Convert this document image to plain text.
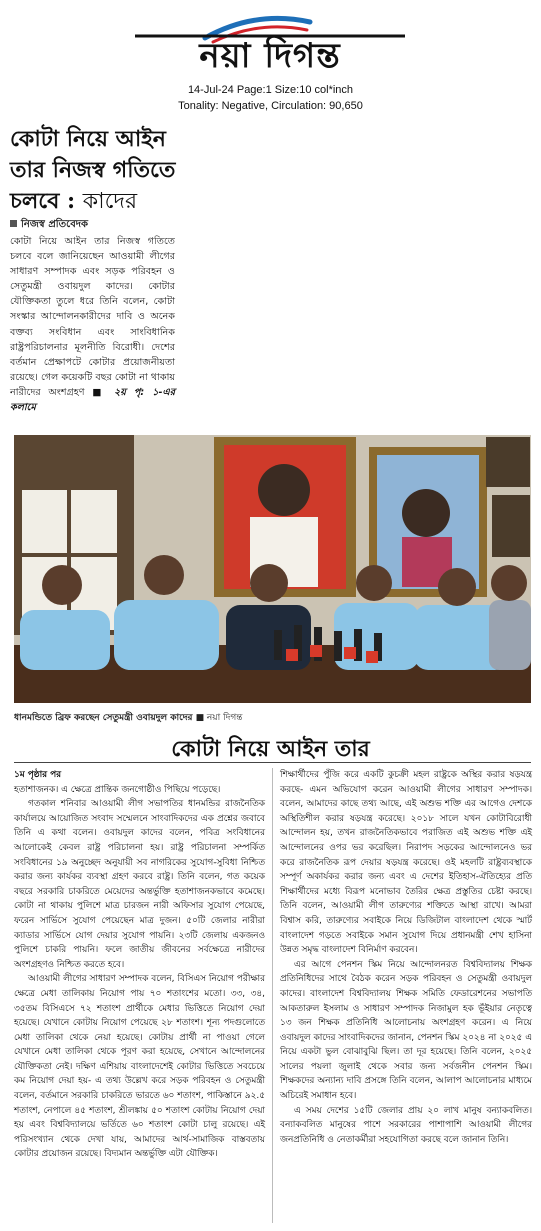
নয়া দিগন্ত
14-Jul-24 Page:1 Size:10 col*inch
Tonality: Negative, Circulation: 90,650
কোটা নিয়ে আইন
তার নিজস্ব গতিতে
চলবে : কাদের
নিজস্ব প্রতিবেদক
কোটা নিয়ে আইন তার নিজস্ব গতিতে চলবে বলে জানিয়েছেন আওয়ামী লীগের সাধারণ সম্পাদক এবং সড়ক পরিবহন ও সেতুমন্ত্রী ওবায়দুল কাদের। কোটার যৌক্তিকতা তুলে ধরে তিনি বলেন, কোটা সংস্কার আন্দোলনকারীদের দাবি ও অনেক বক্তব্য সংবিধান এবং সাংবিধানিক রাষ্ট্রপরিচালনার মূলনীতি বিরোধী। দেশের বর্তমান প্রেক্ষাপটে কোটার প্রয়োজনীয়তা রয়েছে। গেল কয়েকটি বছর কোটা না থাকায় নারীদের অংশগ্রহণ ■ ২য় পৃ: ১-এর কলামে
ধানমন্ডিতে ব্রিফ করছেন সেতুমন্ত্রী ওবায়দুল কাদের ■ নয়া দিগন্ত
কোটা নিয়ে আইন তার

১ম পৃষ্ঠার পর
হতাশাজনক। এ ক্ষেত্রে প্রান্তিক জনগোষ্ঠীও পিছিয়ে পড়েছে।

গতকাল শনিবার আওয়ামী লীগ সভাপতির ধানমন্ডির রাজনৈতিক কার্যালয়ে আয়োজিত সংবাদ সম্মেলনে সাংবাদিকদের এক প্রশ্নের জবাবে তিনি এ কথা বলেন। ওবায়দুল কাদের বলেন, পবিত্র সংবিধানের আলোকেই কেবল রাষ্ট্র পরিচালনা হয়। রাষ্ট্র পরিচালনা সম্পর্কিত সংবিধানের ১৯ অনুচ্ছেদ অনুযায়ী সব নাগরিকের সুযোগ-সুবিধা নিশ্চিত করার জন্য কার্যকর ব্যবস্থা গ্রহণ করবে রাষ্ট্র। তিনি বলেন, গত কয়েক বছরে সরকারি চাকরিতে মেয়েদের অন্তর্ভুক্তি হতাশাজনকভাবে কমেছে। কোটা না থাকায় পুলিশে মাত্র চারজন নারী অফিসার সুযোগ পেয়েছে, ফরেন সার্ভিসে সুযোগ পেয়েছেন মাত্র দুজন। ৫০টি জেলার নারীরা ক্যাডার সার্ভিসে যোগ দেয়ার সুযোগ পায়নি। ২৩টি জেলায় একজনও পুলিশে চাকরি পায়নি। ফলে জাতীয় জীবনের সর্বক্ষেত্রে নারীদের অংশগ্রহণও নিশ্চিত করতে হবে।

আওয়ামী লীগের সাধারণ সম্পাদক বলেন, বিসিএস নিয়োগ পরীক্ষার ক্ষেত্রে মেধা তালিকায় নিয়োগ পায় ৭০ শতাংশের মতো। ৩৩, ৩৪, ৩৫তম বিসিএসে ৭২ শতাংশ প্রার্থীকে মেধার ভিত্তিতে নিয়োগ দেয়া হয়েছে। যেখানে কোটায় নিয়োগ পেয়েছে ২৮ শতাংশ। শূন্য পদগুলোতে মেধা তালিকা থেকে নেয়া হয়েছে। কোটায় প্রার্থী না পাওয়া গেলে যেখানে মেধা তালিকা থেকে পূরণ করা হয়েছে, সেখানে আন্দোলনের যৌক্তিকতা নেই। দক্ষিণ এশিয়ায় বাংলাদেশেই কোটার ভিত্তিতে সবচেয়ে কম নিয়োগ দেয়া হয়- এ তথ্য উল্লেখ করে সড়ক পরিবহন ও সেতুমন্ত্রী বলেন, বর্তমানে সরকারি চাকরিতে ভারতে ৬০ শতাংশ, পাকিস্তানে ৯২.৫ শতাংশ, নেপালে ৪৫ শতাংশ, শ্রীলঙ্কায় ৫০ শতাংশ কোটায় নিয়োগ দেয়া হয় এবং বিশ্ববিদ্যালয়ে ভর্তিতে ৬০ শতাংশ কোটা চালু রয়েছে। এই পরিসংখ্যান থেকে দেখা যায়, আমাদের আর্থ-সামাজিক বাস্তবতায় কোটার প্রয়োজন রয়েছে। বিদ্যমান অন্তর্ভুক্তি এটা যৌক্তিক।

শিক্ষার্থীদের পুঁজি করে একটি কুচক্রী মহল রাষ্ট্রকে অস্থির করার ষড়যন্ত্র করছে- এমন অভিযোগ করেন আওয়ামী লীগের সাধারণ সম্পাদক। বলেন, আমাদের কাছে তথ্য আছে, এই অশুভ শক্তি এর আগেও দেশকে অস্থিতিশীল করার ষড়যন্ত্র করেছে। ২০১৮ সালে যখন কোটাবিরোধী আন্দোলন হয়, তখন রাজনৈতিকভাবে পরাজিত এই অশুভ শক্তি এই আন্দোলনের ওপর ভর করেছিল। নিরাপদ সড়কের আন্দোলনেও ভর করে রাজনৈতিক রূপ দেয়ার ষড়যন্ত্র করেছে। ওই মহলটি রাষ্ট্রব্যবস্থাকে সম্পূর্ণ অকার্যকর করার জন্য এবং এ দেশের ইতিহাস-ঐতিহ্যের প্রতি শিক্ষার্থীদের মধ্যে বিরূপ মনোভাব তৈরির ক্ষেত্র প্রস্তুতির চেষ্টা করছে। তিনি বলেন, আওয়ামী লীগ তারুণ্যের শক্তিতে আস্থা রাখে। আমরা বিশ্বাস করি, তারুণ্যের সবাইকে নিয়ে ডিজিটাল বাংলাদেশ থেকে স্মার্ট বাংলাদেশ গড়তে সবাইকে সমান সুযোগ দিয়ে প্রধানমন্ত্রী শেখ হাসিনা উন্নত সমৃদ্ধ বাংলাদেশ বিনির্মাণ করবেন।

এর আগে পেনশন স্কিম নিয়ে আন্দোলনরত বিশ্ববিদ্যালয় শিক্ষক প্রতিনিধিদের সাথে বৈঠক করেন সড়ক পরিবহন ও সেতুমন্ত্রী ওবায়দুল কাদের। বাংলাদেশ বিশ্ববিদ্যালয় শিক্ষক সমিতি ফেডারেশনের সভাপতি আকতারুল ইসলাম ও সাধারণ সম্পাদক নিজামুল হক ভূঁইয়ার নেতৃত্বে ১৩ জন শিক্ষক প্রতিনিধি আলোচনায় অংশগ্রহণ করেন। এ নিয়ে ওবায়দুল কাদের সাংবাদিকদের জানান, পেনশন স্কিম ২০২৪ না ২০২৫ এ নিয়ে একটা ভুল বোঝাবুঝি ছিল। তা দূর হয়েছে। তিনি বলেন, ২০২৫ সালের পয়লা জুলাই থেকে সবার জন্য সর্বজনীন পেনশন স্কিম। শিক্ষকদের অন্যান্য দাবি প্রসঙ্গে তিনি বলেন, আলাপ আলোচনার মাধ্যমে অচিরেই সমাধান হবে।

এ সময় দেশের ১৫টি জেলার প্রায় ২০ লাখ মানুষ বন্যাকবলিত। বন্যাকবলিত মানুষের পাশে সরকারের পাশাপাশি আওয়ামী লীগের জনপ্রতিনিধি ও নেতাকর্মীরা সহযোগিতা করছে বলে জানান তিনি।
